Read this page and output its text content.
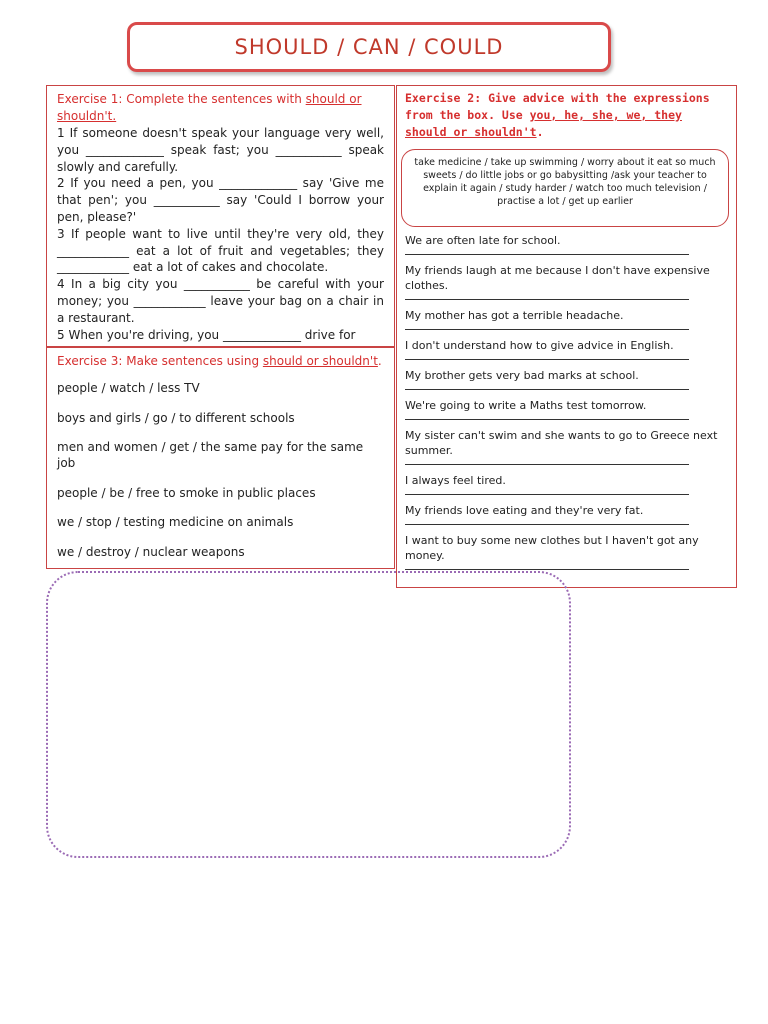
SHOULD / CAN / COULD
Exercise 1: Complete the sentences with should or shouldn't.
1 If someone doesn't speak your language very well, you _____________ speak fast; you ___________ speak slowly and carefully.
2 If you need a pen, you _____________ say 'Give me that pen'; you ___________ say 'Could I borrow your pen, please?'
3 If people want to live until they're very old, they ____________ eat a lot of fruit and vegetables; they ____________ eat a lot of cakes and chocolate.
4 In a big city you ___________ be careful with your money; you ____________ leave your bag on a chair in a restaurant.
5 When you're driving, you _____________ drive for
Exercise 2: Give advice with the expressions from the box. Use you, he, she, we, they should or shouldn't.
take medicine / take up swimming / worry about it eat so much sweets / do little jobs or go babysitting /ask your teacher to explain it again / study harder / watch too much television / practise a lot / get up earlier

We are often late for school.

My friends laugh at me because I don't have expensive clothes.

My mother has got a terrible headache.

I don't understand how to give advice in English.

My brother gets very bad marks at school.

We're going to write a Maths test tomorrow.

My sister can't swim and she wants to go to Greece next summer.

I always feel tired.

My friends love eating and they're very fat.

I want to buy some new clothes but I haven't got any money.

Exercise 3: Make sentences using should or shouldn't.
people / watch / less TV
boys and girls / go / to different schools
men and women / get / the same pay for the same job
people / be / free to smoke in public places
we / stop / testing medicine on animals
we / destroy / nuclear weapons
